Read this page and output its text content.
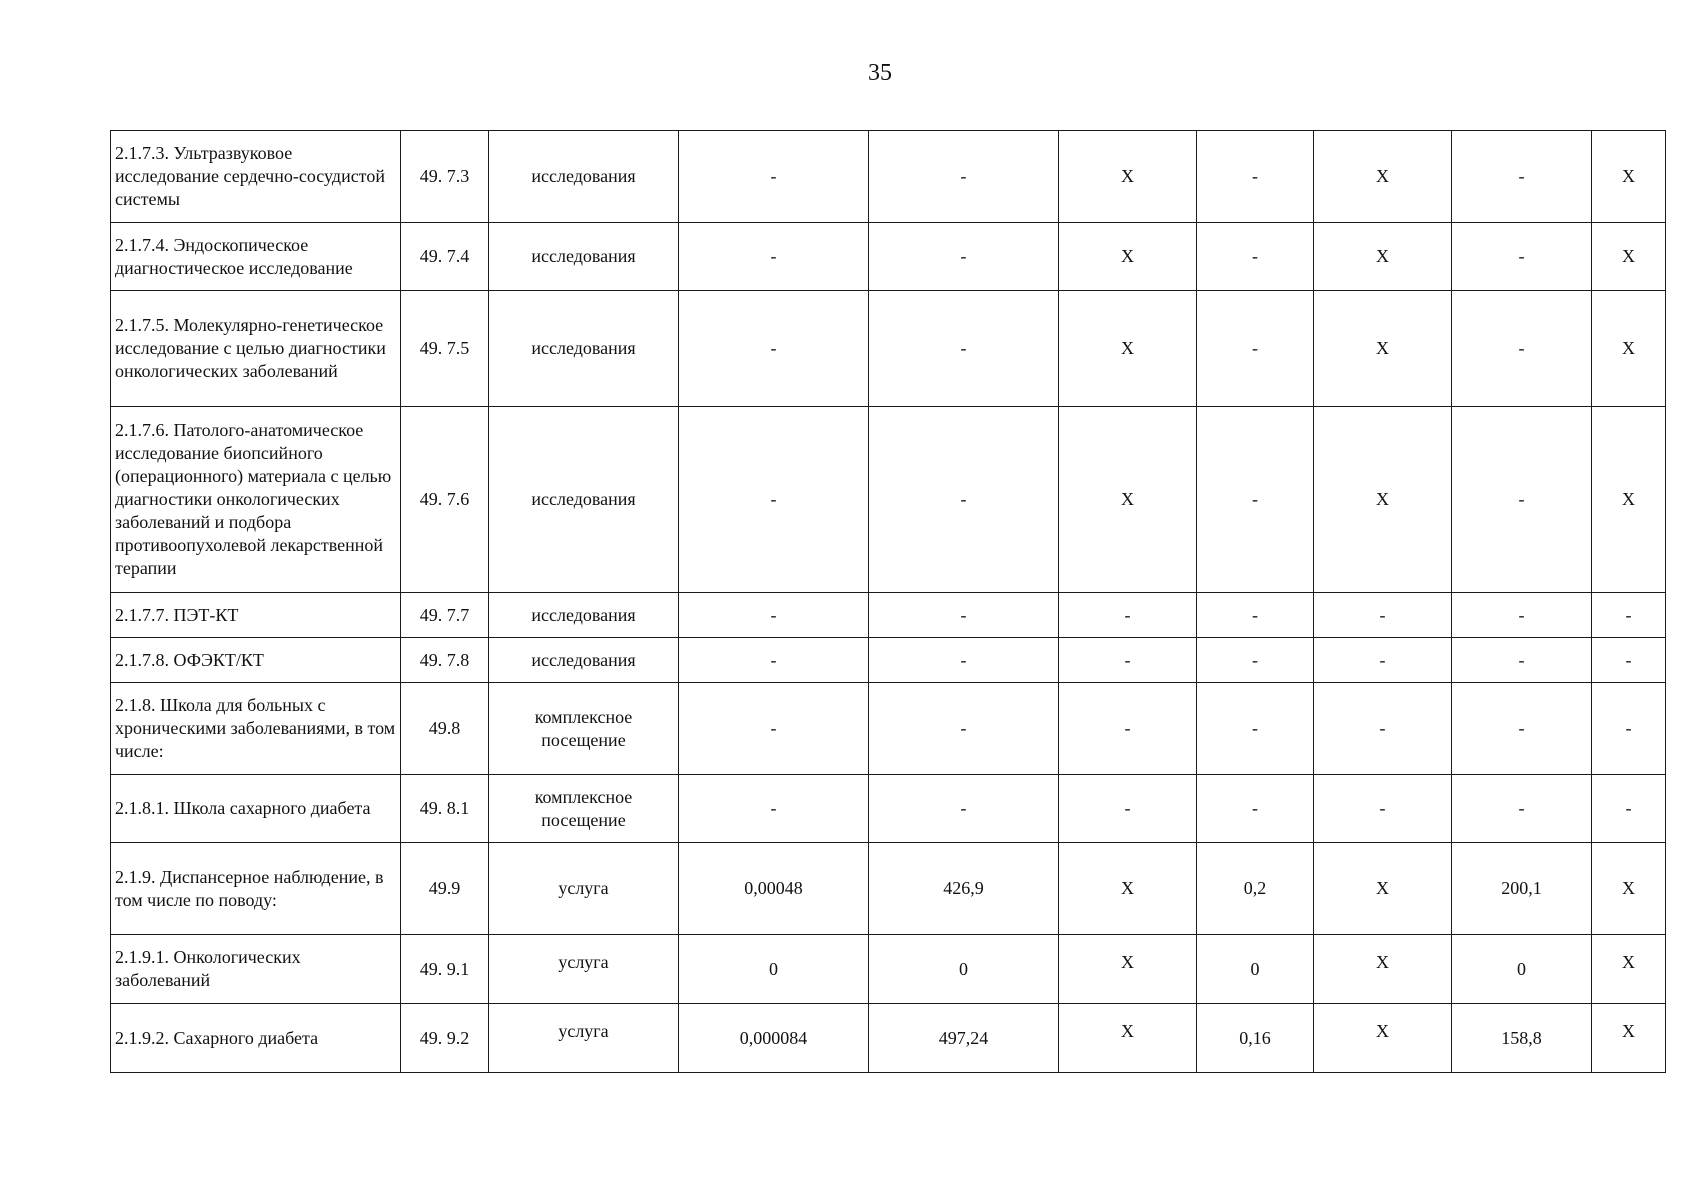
35
2.1.7.3. Ультразвуковое исследование сердечно-сосудистой системы	49. 7.3	исследования	-	-	Х	-	Х	-	Х
2.1.7.4. Эндоскопическое диагностическое исследование	49. 7.4	исследования	-	-	Х	-	Х	-	Х
2.1.7.5. Молекулярно-генетическое исследование с целью диагностики онкологических заболеваний	49. 7.5	исследования	-	-	Х	-	Х	-	Х
2.1.7.6. Патолого-анатомическое исследование биопсийного (операционного) материала с целью диагностики онкологических заболеваний и подбора противоопухолевой лекарственной терапии	49. 7.6	исследования	-	-	Х	-	Х	-	Х
2.1.7.7. ПЭТ-КТ	49. 7.7	исследования	-	-	-	-	-	-	-
2.1.7.8. ОФЭКТ/КТ	49. 7.8	исследования	-	-	-	-	-	-	-
2.1.8. Школа для больных с хроническими заболеваниями, в том числе:	49.8	комплексное посещение	-	-	-	-	-	-	-
2.1.8.1. Школа сахарного диабета	49. 8.1	комплексное посещение	-	-	-	-	-	-	-
2.1.9. Диспансерное наблюдение, в том числе по поводу:	49.9	услуга	0,00048	426,9	Х	0,2	Х	200,1	Х
2.1.9.1. Онкологических заболеваний	49. 9.1	услуга	0	0	Х	0	Х	0	Х
2.1.9.2. Сахарного диабета	49. 9.2	услуга	0,000084	497,24	Х	0,16	Х	158,8	Х
